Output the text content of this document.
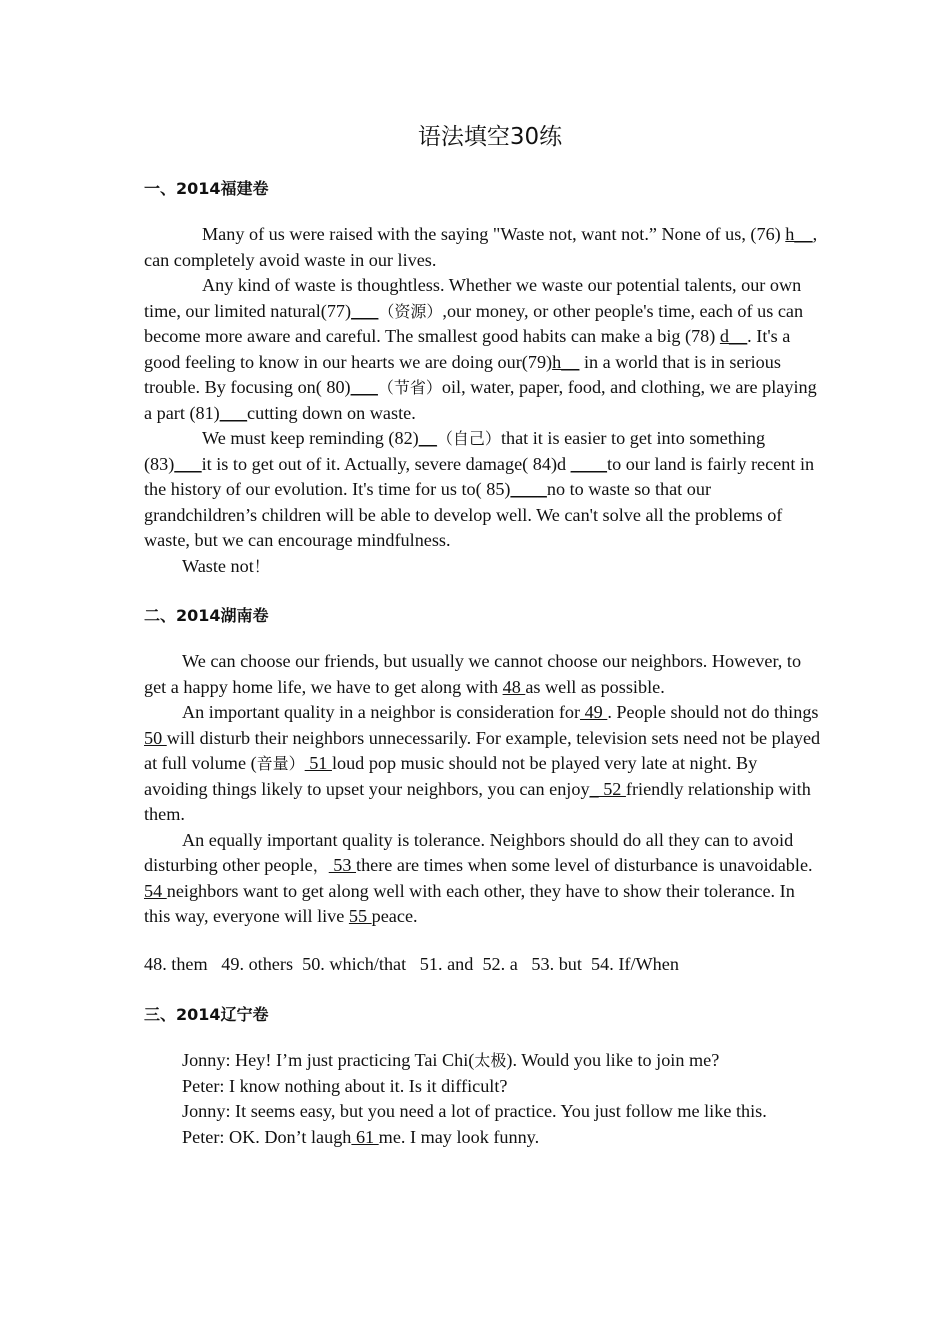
语法填空30练
一、2014福建卷

Many of us were raised with the saying "Waste not, want not.” None of us, (76) h__, can completely avoid waste in our lives.

Any kind of waste is thoughtless. Whether we waste our potential talents, our own time, our limited natural(77)___（资源）,our money, or other people's time, each of us can become more aware and careful. The smallest good habits can make a big (78) d__. It's a good feeling to know in our hearts we are doing our(79)h__ in a world that is in serious trouble. By focusing on( 80)___（节省）oil, water, paper, food, and clothing, we are playing a part (81)___cutting down on waste.

We must keep reminding (82)__（自己）that it is easier to get into something (83)___it is to get out of it. Actually, severe damage( 84)d ____to our land is fairly recent in the history of our evolution. It's time for us to( 85)____no to waste so that our grandchildren’s children will be able to develop well. We can't solve all the problems of waste, but we can encourage mindfulness.

Waste not！

二、2014湖南卷

We can choose our friends, but usually we cannot choose our neighbors. However, to get a happy home life, we have to get along with 48 as well as possible.

An important quality in a neighbor is consideration for 49 . People should not do things 50 will disturb their neighbors unnecessarily. For example, television sets need not be played at full volume (音量） 51 loud pop music should not be played very late at night. By avoiding things likely to upset your neighbors, you can enjoy_ 52 friendly relationship with them.

An equally important quality is tolerance. Neighbors should do all they can to avoid disturbing other people， 53 there are times when some level of disturbance is unavoidable. 54 neighbors want to get along well with each other, they have to show their tolerance. In this way, everyone will live 55 peace.

48. them   49. others  50. which/that   51. and  52. a   53. but  54. If/When
三、2014辽宁卷

Jonny: Hey! I’m just practicing Tai Chi(太极). Would you like to join me?

Peter: I know nothing about it. Is it difficult?

Jonny: It seems easy, but you need a lot of practice. You just follow me like this.

Peter: OK. Don’t laugh 61 me. I may look funny.
